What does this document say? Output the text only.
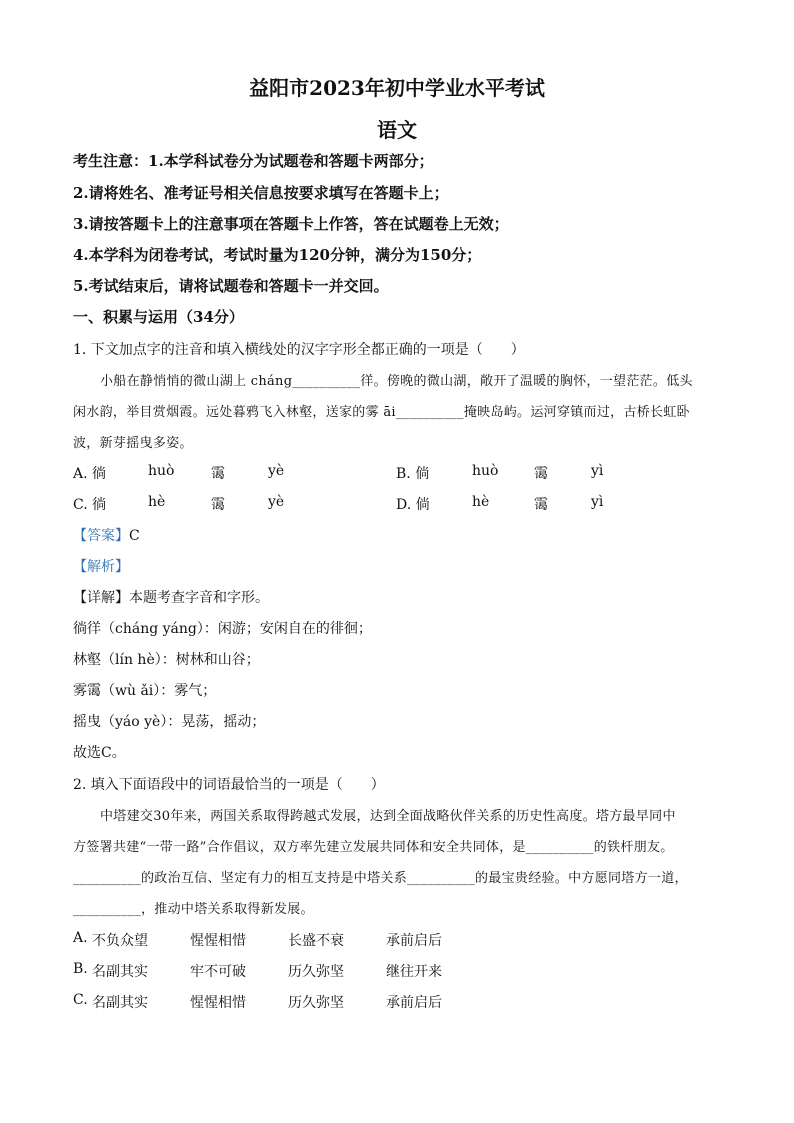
益阳市2023年初中学业水平考试
语文
考生注意：1.本学科试卷分为试题卷和答题卡两部分；
2.请将姓名、准考证号相关信息按要求填写在答题卡上；
3.请按答题卡上的注意事项在答题卡上作答，答在试题卷上无效；
4.本学科为闭卷考试，考试时量为120分钟，满分为150分；
5.考试结束后，请将试题卷和答题卡一并交回。
一、积累与运用（34分）
1. 下文加点字的注音和填入横线处的汉字字形全都正确的一项是（　　）
小船在静悄悄的微山湖上 cháng__________徉。傍晚的微山湖，敞开了温暖的胸怀，一望茫茫。低头
闲水韵，举目赏烟霞。远处暮鸦飞入林壑，送家的雾 āi__________掩映岛屿。运河穿镇而过，古桥长虹卧
波，新芽摇曳多姿。
A. 徜	huò	霭	yè	B. 倘	huò	霭	yì
C. 徜	hè	霭	yè	D. 倘	hè	霭	yì
【答案】C
【解析】
【详解】本题考查字音和字形。
徜徉（cháng yáng）：闲游；安闲自在的徘徊；
林壑（lín hè）：树林和山谷；
雾霭（wù ǎi）：雾气；
摇曳（yáo yè）：晃荡，摇动；
故选C。
2. 填入下面语段中的词语最恰当的一项是（　　）
中塔建交30年来，两国关系取得跨越式发展，达到全面战略伙伴关系的历史性高度。塔方最早同中
方签署共建“一带一路”合作倡议，双方率先建立发展共同体和安全共同体，是__________的铁杆朋友。
__________的政治互信、坚定有力的相互支持是中塔关系__________的最宝贵经验。中方愿同塔方一道，
__________，推动中塔关系取得新发展。
A. 不负众望	惺惺相惜	长盛不衰	承前启后
B. 名副其实	牢不可破	历久弥坚	继往开来
C. 名副其实	惺惺相惜	历久弥坚	承前启后
